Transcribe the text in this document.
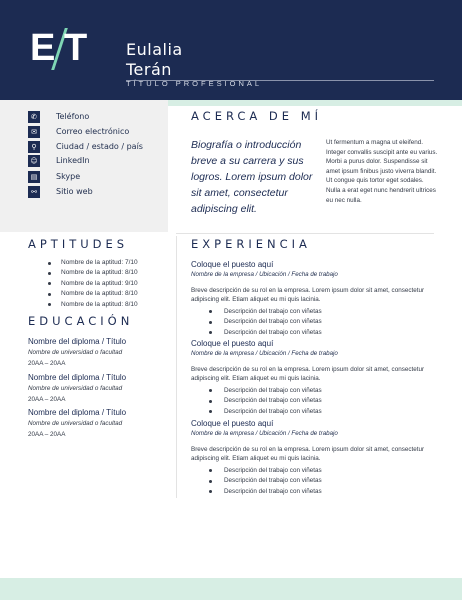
E T Eulalia
Terán
TÍTULO PROFESIONAL
✆	Teléfono
✉	Correo electrónico
⚲	Ciudad / estado / país
☺ LinkedIn
▤	Skype
⚯	Sitio web
ACERCA DE MÍ
Biografía o introducción breve a su carrera y sus logros. Lorem ipsum dolor sit amet, consectetur adipiscing elit.
Ut fermentum a magna ut eleifend. Integer convallis suscipit ante eu varius. Morbi a purus dolor. Suspendisse sit amet ipsum finibus justo viverra blandit. Ut congue quis tortor eget sodales. Nulla a erat eget nunc hendrerit ultrices eu nec nulla.
APTITUDES
Nombre de la aptitud: 7/10
Nombre de la aptitud: 8/10
Nombre de la aptitud: 9/10
Nombre de la aptitud: 8/10
Nombre de la aptitud: 8/10
EDUCACIÓN
Nombre del diploma / Título
Nombre de universidad o facultad
20AA – 20AA
Nombre del diploma / Título
Nombre de universidad o facultad
20AA – 20AA
Nombre del diploma / Título
Nombre de universidad o facultad
20AA – 20AA
EXPERIENCIA
Coloque el puesto aquí
Nombre de la empresa / Ubicación / Fecha de trabajo
Breve descripción de su rol en la empresa. Lorem ipsum dolor sit amet, consectetur adipiscing elit. Etiam aliquet eu mi quis lacinia.
Descripción del trabajo con viñetas
Descripción del trabajo con viñetas
Descripción del trabajo con viñetas
Coloque el puesto aquí
Nombre de la empresa / Ubicación / Fecha de trabajo
Breve descripción de su rol en la empresa. Lorem ipsum dolor sit amet, consectetur adipiscing elit. Etiam aliquet eu mi quis lacinia.
Descripción del trabajo con viñetas
Descripción del trabajo con viñetas
Descripción del trabajo con viñetas
Coloque el puesto aquí
Nombre de la empresa / Ubicación / Fecha de trabajo
Breve descripción de su rol en la empresa. Lorem ipsum dolor sit amet, consectetur adipiscing elit. Etiam aliquet eu mi quis lacinia.
Descripción del trabajo con viñetas
Descripción del trabajo con viñetas
Descripción del trabajo con viñetas
